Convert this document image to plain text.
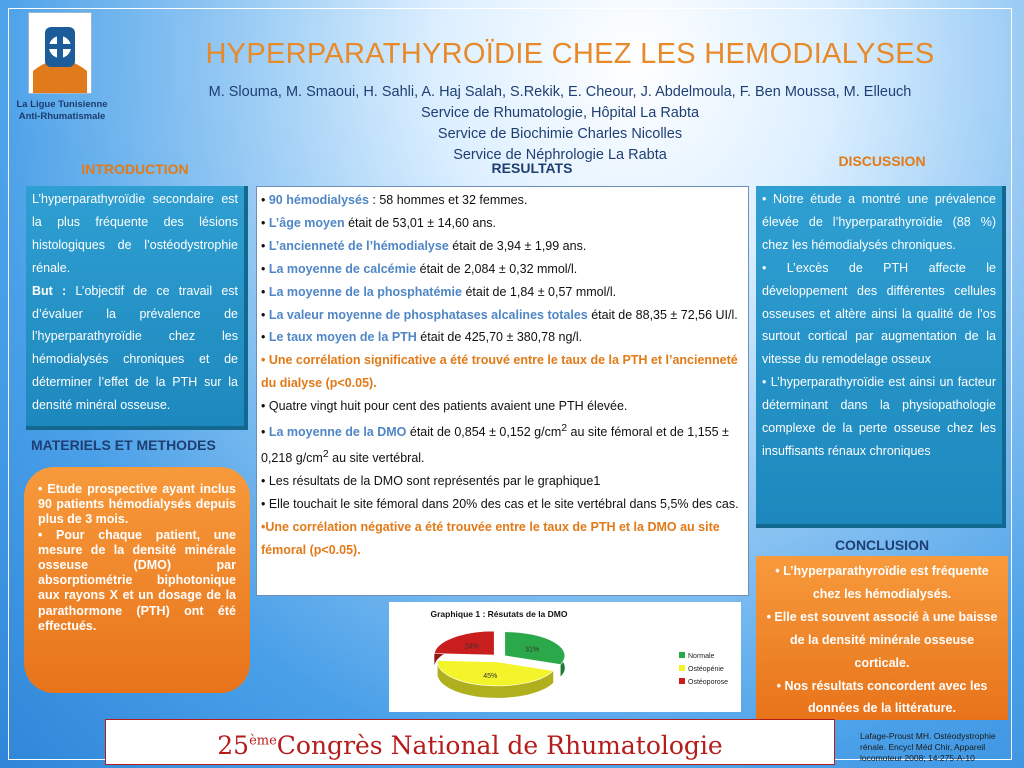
La Ligue Tunisienne Anti-Rhumatismale
HYPERPARATHYROÏDIE CHEZ LES HEMODIALYSES
M. Slouma, M. Smaoui, H. Sahli, A. Haj Salah, S.Rekik, E. Cheour, J. Abdelmoula, F. Ben Moussa, M. Elleuch
Service de Rhumatologie, Hôpital La Rabta
Service de Biochimie Charles Nicolles
Service de Néphrologie La Rabta
INTRODUCTION	RESULTATS	DISCUSSION
MATERIELS ET METHODES
CONCLUSION

L’hyperparathyroïdie secondaire est la plus fréquente des lésions histologiques de l’ostéodystrophie rénale.

But : L’objectif de ce travail est d’évaluer la prévalence de l’hyperparathyroïdie chez les hémodialysés chroniques et de déterminer l’effet de la PTH sur la densité minéral osseuse.

• Etude prospective ayant inclus 90 patients hémodialysés depuis plus de 3 mois.

• Pour chaque patient, une mesure de la densité minérale osseuse (DMO) par absorptiométrie biphotonique aux rayons X et un dosage de la parathormone (PTH) ont été effectués.

• 90 hémodialysés : 58 hommes et 32 femmes.

• L’âge moyen était de 53,01 ± 14,60 ans.

• L’ancienneté de l’hémodialyse était de 3,94 ± 1,99 ans.

• La moyenne de calcémie était de 2,084 ± 0,32 mmol/l.

• La moyenne de la phosphatémie était de 1,84 ± 0,57 mmol/l.

• La valeur moyenne de phosphatases alcalines totales était de 88,35 ± 72,56 UI/l.

• Le taux moyen de la PTH était de 425,70 ± 380,78 ng/l.

• Une corrélation significative a été trouvé entre le taux de la PTH et l’ancienneté du dialyse (p<0.05).

• Quatre vingt huit pour cent des patients avaient une PTH élevée.

• La moyenne de la DMO était de 0,854 ± 0,152 $g/cm^2$ au site fémoral et de 1,155 ± 0,218 $g/cm^2$ au site vertébral.

• Les résultats de la DMO sont représentés par le graphique1

• Elle touchait le site fémoral dans 20% des cas et le site vertébral dans 5,5% des cas.

•Une corrélation négative a été trouvée entre le taux de PTH et la DMO au site fémoral (p<0.05).

Graphique 1 : Résutats de la DMO
31%
45%
24%
Normale
Ostéopénie
Ostéoporose

• Notre étude a montré une prévalence élevée de l’hyperparathyroïdie (88 %) chez les hémodialysés chroniques.

• L’excès de PTH affecte le développement des différentes cellules osseuses et altère ainsi la qualité de l’os surtout cortical par augmentation de la vitesse du remodelage osseux

• L’hyperparathyroïdie est ainsi un facteur déterminant dans la physiopathologie complexe de la perte osseuse chez les insuffisants rénaux chroniques

• L’hyperparathyroïdie est fréquente chez les hémodialysés.

• Elle est souvent associé à une baisse de la densité minérale osseuse corticale.

• Nos résultats concordent avec les données de la littérature.

25èmeCongrès National de Rhumatologie	Lafage-Proust MH. Ostéodystrophie rénale. Encycl Méd Chir, Appareil locomoteur 2008; 14:275-A-10
